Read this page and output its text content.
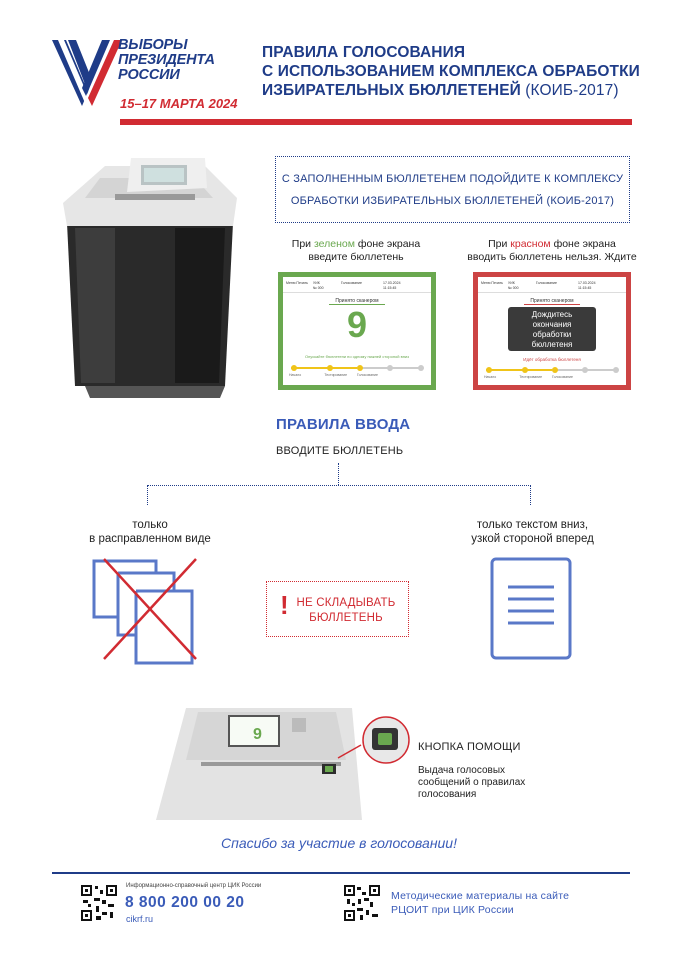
ВЫБОРЫ
ПРЕЗИДЕНТА
РОССИИ
15–17 МАРТА 2024
ПРАВИЛА ГОЛОСОВАНИЯ
С ИСПОЛЬЗОВАНИЕМ КОМПЛЕКСА ОБРАБОТКИ
ИЗБИРАТЕЛЬНЫХ БЮЛЛЕТЕНЕЙ (КОИБ-2017)
С ЗАПОЛНЕННЫМ БЮЛЛЕТЕНЕМ ПОДОЙДИТЕ К КОМПЛЕКСУ
ОБРАБОТКИ ИЗБИРАТЕЛЬНЫХ БЮЛЛЕТЕНЕЙ (КОИБ-2017)
При зеленом фоне экрана
введите бюллетень
При красном фоне экрана
вводить бюллетень нельзя. Ждите
Меню Печать УИК
№ 000
Голосование	17.03.2024
11:15:45
Принято сканером
9
Опускайте бюллетени по одному нижней стороной вниз
Начало	Тестирование	Голосование
Меню Печать УИК
№ 000
Голосование	17.03.2024
11:15:45
Принято сканером
Дождитесь
окончания
обработки
бюллетеня
Идёт обработка бюллетеня
Начало	Тестирование	Голосование
ПРАВИЛА ВВОДА
ВВОДИТЕ БЮЛЛЕТЕНЬ
только
в расправленном виде
только текстом вниз,
узкой стороной вперед
! НЕ СКЛАДЫВАТЬ
БЮЛЛЕТЕНЬ
9
КНОПКА ПОМОЩИ
Выдача голосовых
сообщений о правилах
голосования
Спасибо за участие в голосовании!
Информационно-справочный центр ЦИК России
8 800 200 00 20
cikrf.ru
Методические материалы на сайте
РЦОИТ при ЦИК России
